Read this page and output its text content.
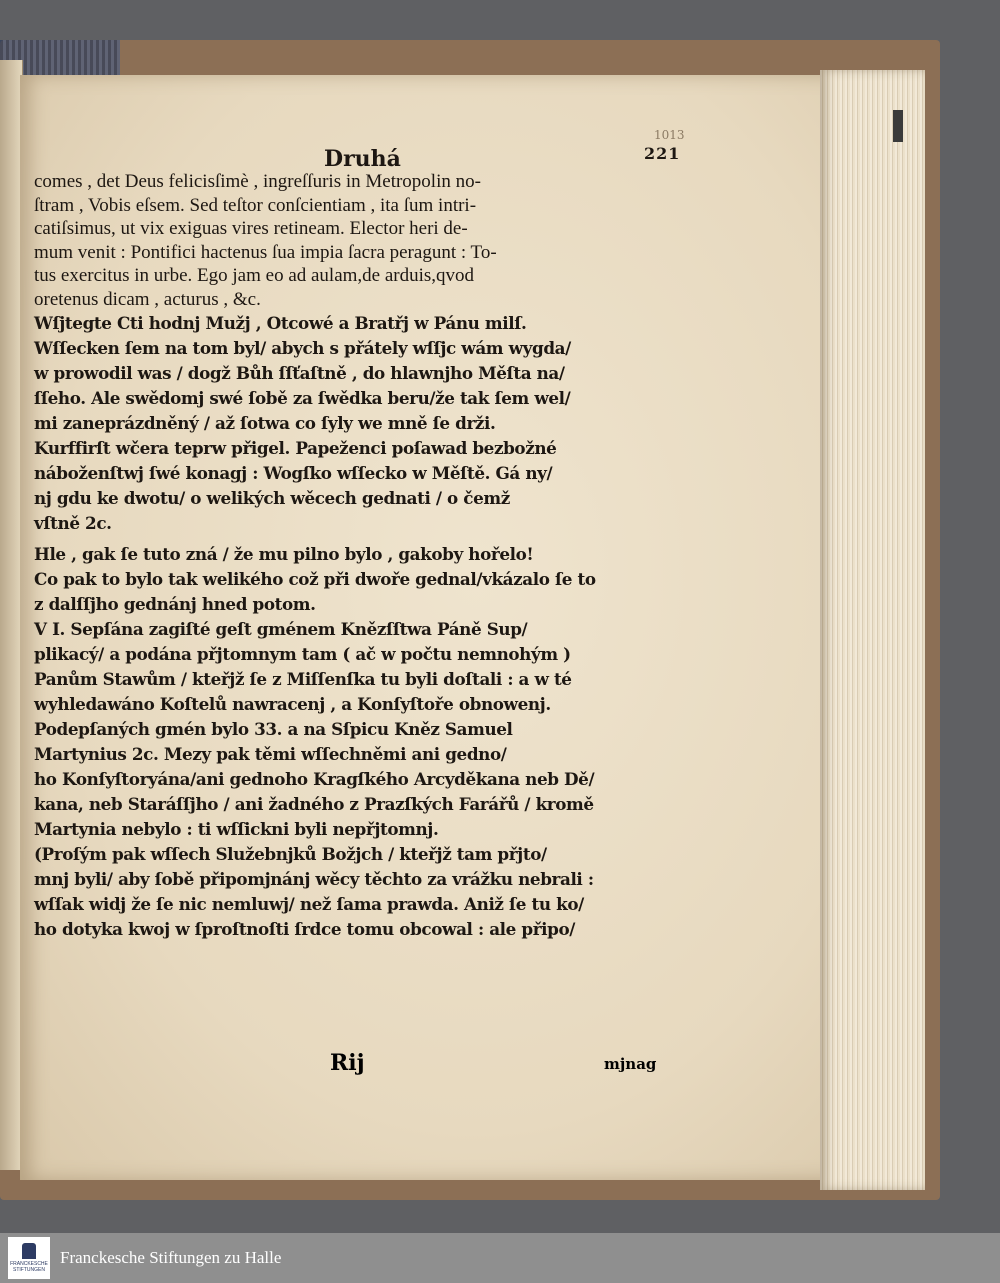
1013
Druhá	221
comes , det Deus felicisſimè , ingreſſuris in Metropolin no-
ſtram , Vobis eſsem. Sed teſtor conſcientiam , ita ſum intri-
catiſsimus, ut vix exiguas vires retineam. Elector heri de-
mum venit : Pontifici hactenus ſua impia ſacra peragunt : To-
tus exercitus in urbe. Ego jam eo ad aulam,de arduis,qvod
oretenus dicam , acturus , &c.
Wſjtegte Cti hodnj Mužj , Otcowé a Bratřj w Pánu milſ.
Wſſecken ſem na tom byl/ abych s přátely wſſjc wám wygda/
w prowodil was / dogž Bůh ſſťaſtně , do hlawnjho Měſta na/
ſſeho. Ale swědomj swé ſobě za ſwědka beru/že tak ſem wel/
mi zaneprázdněný / až ſotwa co ſyly we mně ſe drži.
Kurffirſt wčera teprw přigel. Papeženci poſawad bezbožné
náboženſtwj ſwé konagj : Wogſko wſſecko w Měſtě. Gá ny/
nj gdu ke dwotu/ o welikých wěcech gednati / o čemž
vſtně 2c.
Hle , gak ſe tuto zná / že mu pilno bylo , gakoby hořelo!
Co pak to bylo tak welikého což při dwoře gednal/vkázalo ſe to
z dalſſjho gednánj hned potom.
V I. Sepſána zagiſté geſt gménem Knězſſtwa Páně Sup/
plikacý/ a podána přjtomnym tam ( ač w počtu nemnohým )
Panům Stawům / kteřjž ſe z Miſſenſka tu byli doſtali : a w té
wyhledawáno Koſtelů nawracenj , a Konſyſtoře obnowenj.
Podepſaných gmén bylo 33. a na Sſpicu Kněz Samuel
Martynius 2c. Mezy pak těmi wſſechněmi ani gedno/
ho Konſyſtoryána/ani gednoho Kragſkého Arcyděkana neb Dě/
kana, neb Staráſſjho / ani žadného z Prazſkých Farářů / kromě
Martynia nebylo : ti wſſickni byli nepřjtomnj.
(Proſým pak wſſech Služebnjků Božjch / kteřjž tam přjto/
mnj byli/ aby ſobě připomjnánj wěcy těchto za vrážku nebrali :
wſſak widj že ſe nic nemluwj/ než ſama prawda. Aniž ſe tu ko/
ho dotyka kwoj w ſproſtnoſti ſrdce tomu obcowal : ale připo/
Rij	mjnag
FRANCKESCHE STIFTUNGEN
Franckesche Stiftungen zu Halle
